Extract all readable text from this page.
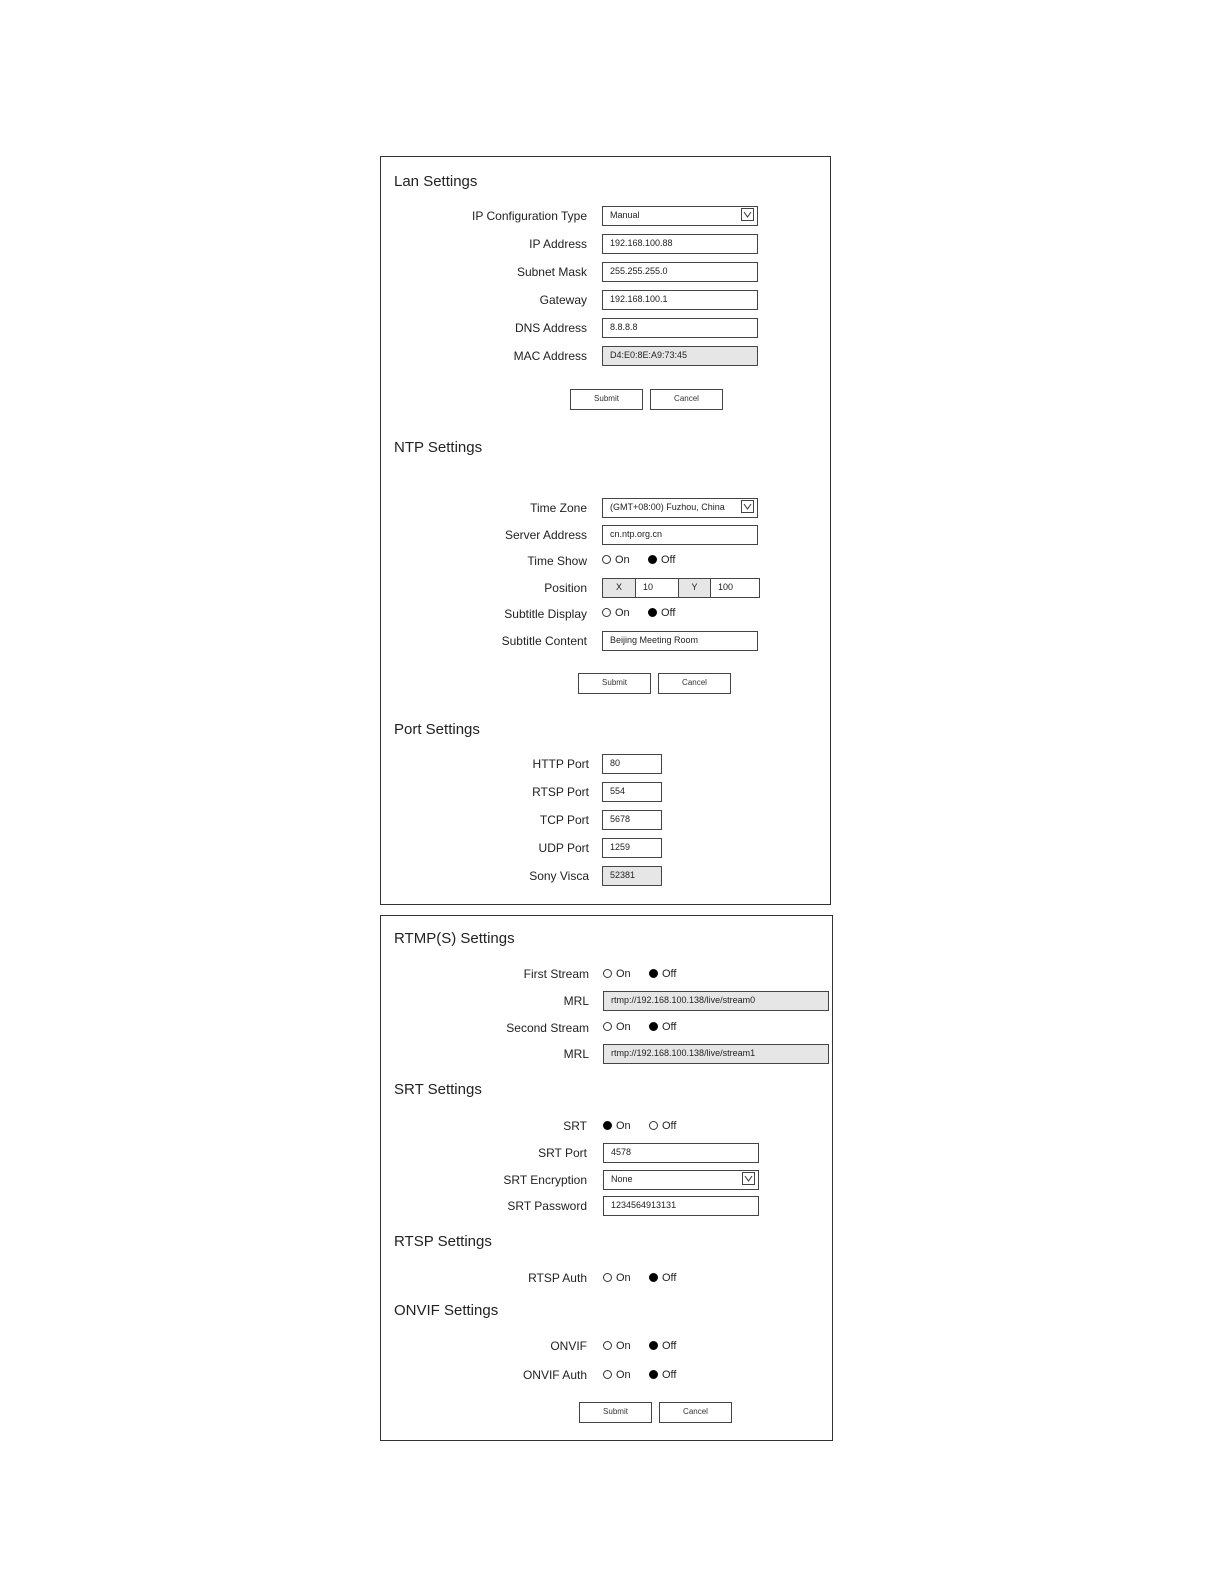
Lan Settings
IP Configuration Type	Manual
IP Address	192.168.100.88
Subnet Mask	255.255.255.0
Gateway	192.168.100.1
DNS Address	8.8.8.8
MAC Address	D4:E0:8E:A9:73:45
Submit	Cancel
NTP Settings
Time Zone	(GMT+08:00) Fuzhou, China
Server Address	cn.ntp.org.cn
Time Show	On	Off
Position	X	10	Y	100
Subtitle Display	On	Off
Subtitle Content	Beijing Meeting Room
Submit	Cancel
Port Settings
HTTP Port	80
RTSP Port	554
TCP Port	5678
UDP Port	1259
Sony Visca	52381
RTMP(S) Settings
First Stream On	Off
MRL	rtmp://192.168.100.138/live/stream0
Second Stream On	Off
MRL	rtmp://192.168.100.138/live/stream1
SRT Settings
SRT	On	Off
SRT Port	4578
SRT Encryption	None
SRT Password	1234564913131
RTSP Settings
RTSP Auth	On	Off
ONVIF Settings
ONVIF	On	Off
ONVIF Auth	On	Off
Submit	Cancel
